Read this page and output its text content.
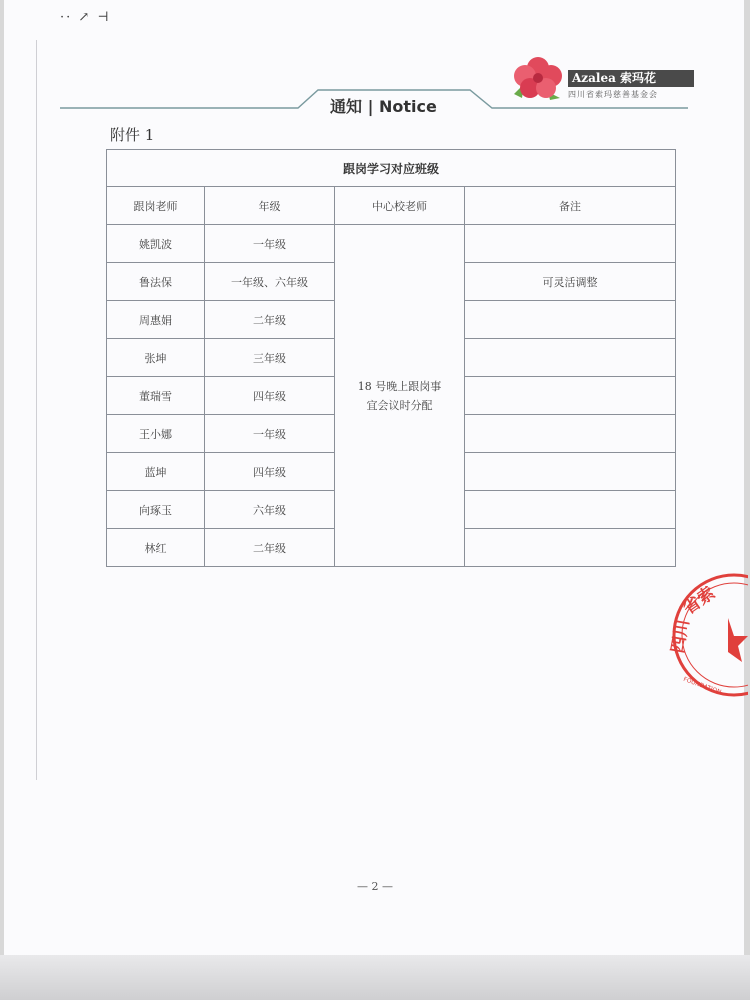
·· ↗ ⊣
通知 | Notice
Azalea 索玛花
四川省索玛慈善基金会
附件 1
跟岗学习对应班级			
跟岗老师	年级	中心校老师	备注
姚凯波	一年级	18 号晚上跟岗事宜会议时分配	
鲁法保	一年级、六年级		可灵活调整
周惠娟	二年级		
张坤	三年级		
董瑞雪	四年级		
王小娜	一年级		
蓝坤	四年级		
向琢玉	六年级		
林红	二年级		
省索
四川
FOUNDATION
— 2 —
